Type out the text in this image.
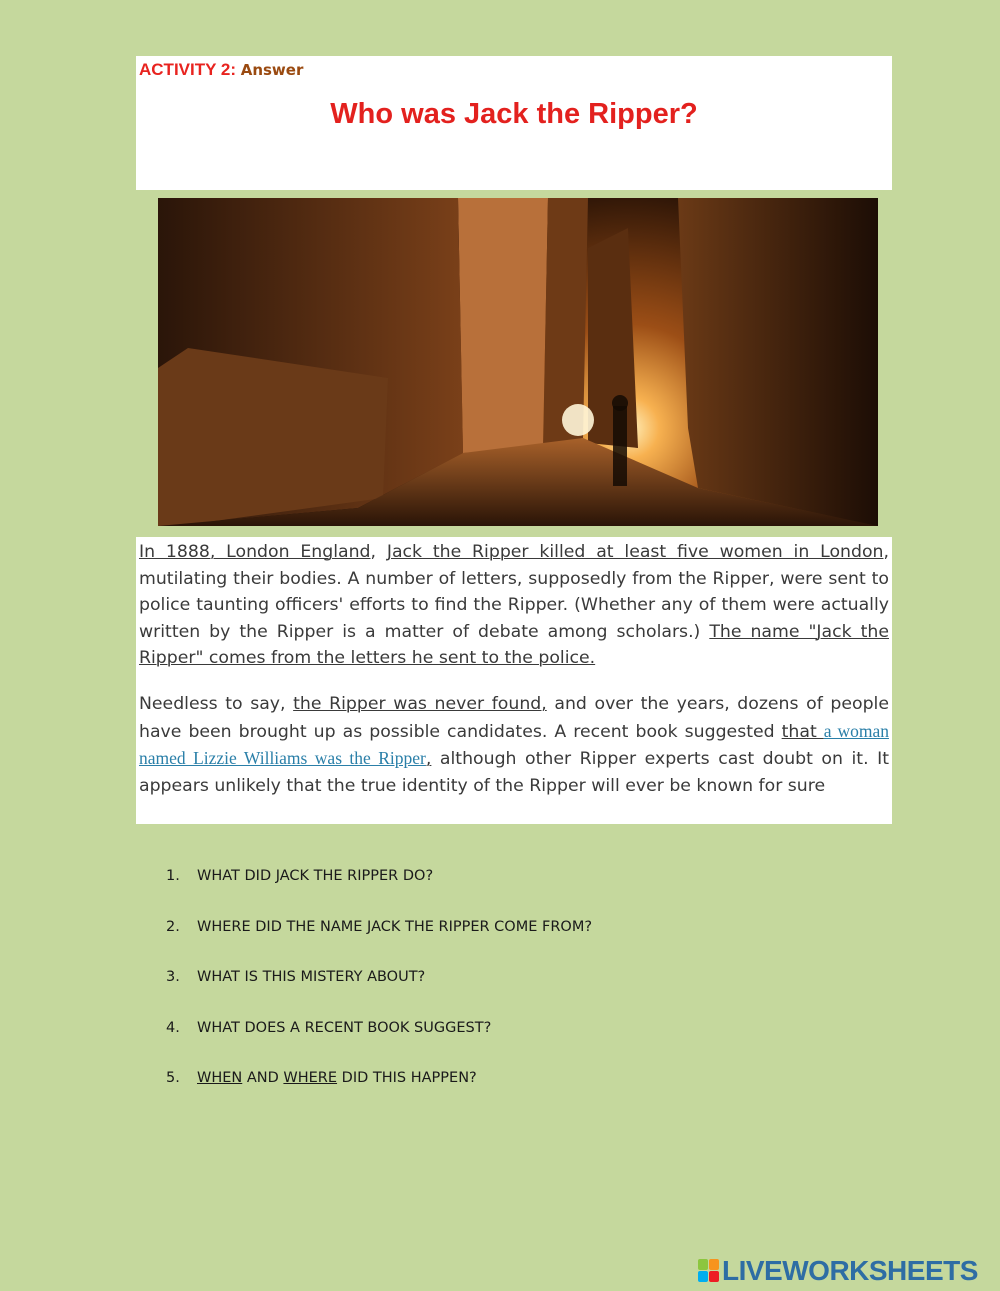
ACTIVITY 2: Answer
Who was Jack the Ripper?

In 1888, London England, Jack the Ripper killed at least five women in London, mutilating their bodies. A number of letters, supposedly from the Ripper, were sent to police taunting officers' efforts to find the Ripper. (Whether any of them were actually written by the Ripper is a matter of debate among scholars.) The name "Jack the Ripper" comes from the letters he sent to the police.

Needless to say, the Ripper was never found, and over the years, dozens of people have been brought up as possible candidates. A recent book suggested that a woman named Lizzie Williams was the Ripper, although other Ripper experts cast doubt on it. It appears unlikely that the true identity of the Ripper will ever be known for sure

1. WHAT DID JACK THE RIPPER DO?
2. WHERE DID THE NAME JACK THE RIPPER COME FROM?
3. WHAT IS THIS MISTERY ABOUT?
4. WHAT DOES A RECENT BOOK SUGGEST?
5. WHEN AND WHERE DID THIS HAPPEN?
LIVEWORKSHEETS
